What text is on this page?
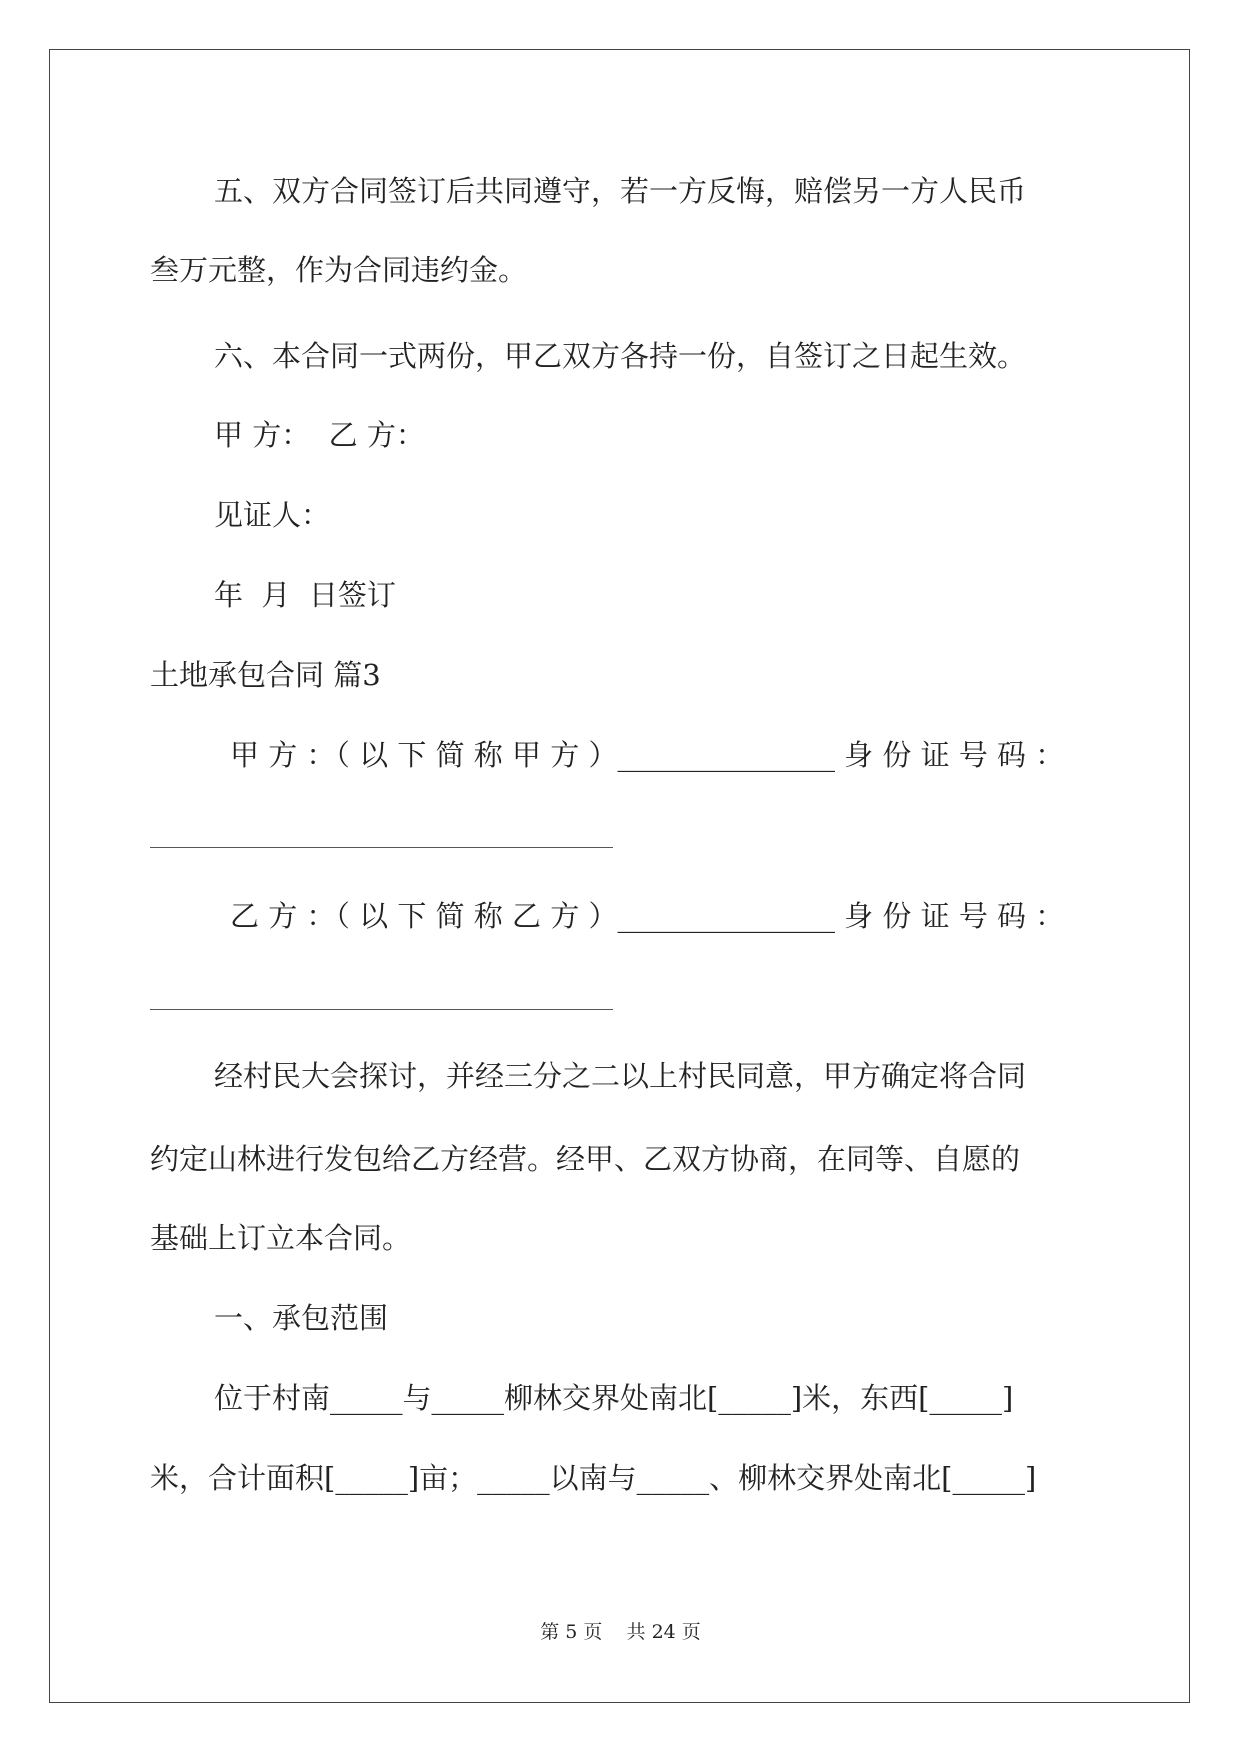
五、双方合同签订后共同遵守，若一方反悔，赔偿另一方人民币
叁万元整，作为合同违约金。
六、本合同一式两份，甲乙双方各持一份，自签订之日起生效。
甲 方：  乙 方：
见证人：
年  月  日签订
土地承包合同 篇3
甲 方 ：（ 以 下 简 称 甲 方 ）_______________ 身 份 证 号 码 ：
乙 方 ：（ 以 下 简 称 乙 方 ）_______________ 身 份 证 号 码 ：
经村民大会探讨，并经三分之二以上村民同意，甲方确定将合同
约定山林进行发包给乙方经营。经甲、乙双方协商，在同等、自愿的
基础上订立本合同。
一、承包范围
位于村南_____与_____柳林交界处南北[_____]米，东西[_____]
米，合计面积[_____]亩；_____以南与_____、柳林交界处南北[_____]
第 5 页    共 24 页
